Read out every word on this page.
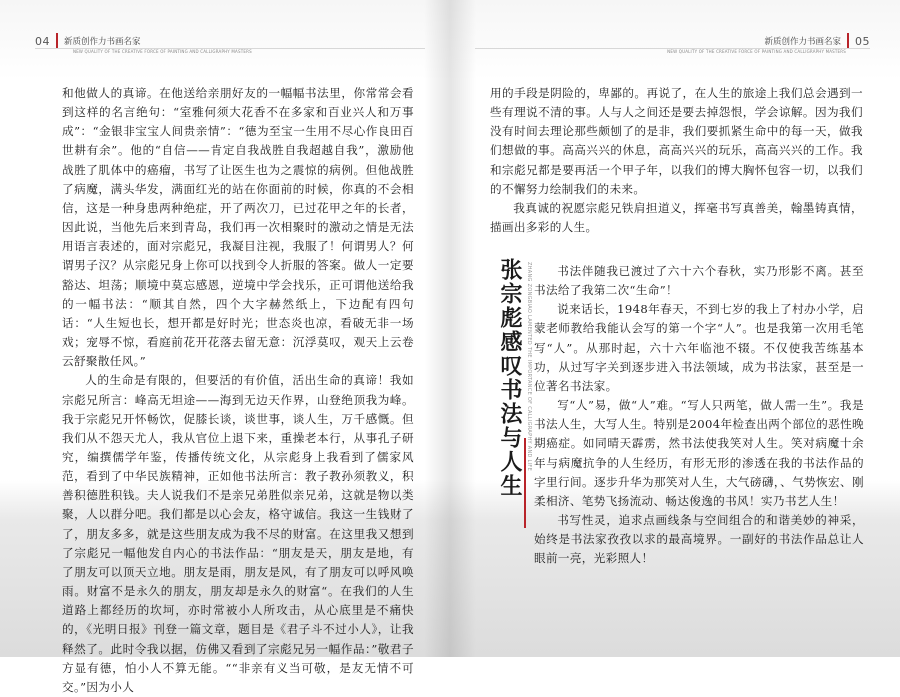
04 新质创作力书画名家
NEW QUALITY OF THE CREATIVE FORCE OF PAINTING AND CALLIGRAPHY MASTERS

和他做人的真谛。在他送给亲朋好友的一幅幅书法里，你常常会看到这样的名言绝句：“室雅何须大花香不在多家和百业兴人和万事成”：“金银非宝宝人间贵亲情”：“德为至宝一生用不尽心作良田百世耕有余”。他的“自信——肯定自我战胜自我超越自我”，激励他战胜了肌体中的癌瘤，书写了让医生也为之震惊的病例。但他战胜了病魔，满头华发，满面红光的站在你面前的时候，你真的不会相信，这是一种身患两种绝症，开了两次刀，已过花甲之年的长者，因此说，当他先后来到青岛，我们再一次相聚时的激动之情是无法用语言表述的，面对宗彪兄，我凝目注视，我服了！何谓男人？何谓男子汉？从宗彪兄身上你可以找到令人折服的答案。做人一定要豁达、坦荡；顺境中莫忘感恩，逆境中学会找乐，正可谓他送给我的一幅书法：“顺其自然，四个大字赫然纸上，下边配有四句话：“人生短也长，想开都是好时光；世态炎也凉，看破无非一场戏；宠辱不惊，看庭前花开花落去留无意：沉浮莫叹，观天上云卷云舒聚散任风。”

人的生命是有限的，但要活的有价值，活出生命的真谛！我如宗彪兄所言：峰高无坦途——海到无边天作界，山登绝顶我为峰。我于宗彪兄开怀畅饮，促膝长谈，谈世事，谈人生，万千感慨。但我们从不怨天尤人，我从官位上退下来，重操老本行，从事孔子研究，编撰儒学年鉴，传播传统文化，从宗彪身上我看到了儒家风范，看到了中华民族精神，正如他书法所言：教子教孙须教义，积善积德胜积钱。夫人说我们不是亲兄弟胜似亲兄弟，这就是物以类聚，人以群分吧。我们都是以心会友，格守诚信。我这一生钱财了了，朋友多多，就是这些朋友成为我不尽的财富。在这里我又想到了宗彪兄一幅他发自内心的书法作品：“朋友是天，朋友是地，有了朋友可以顶天立地。朋友是雨，朋友是风，有了朋友可以呼风唤雨。财富不是永久的朋友，朋友却是永久的财富“。在我们的人生道路上都经历的坎坷，亦时常被小人所攻击，从心底里是不痛快的，《光明日报》刊登一篇文章，题目是《君子斗不过小人》，让我释然了。此时令我以据，仿佛又看到了宗彪兄另一幅作品：”敬君子方显有德，怕小人不算无能。““非亲有义当可敬，是友无情不可交。”因为小人

新质创作力书画名家 05
NEW QUALITY OF THE CREATIVE FORCE OF PAINTING AND CALLIGRAPHY MASTERS

用的手段是阴险的，卑鄙的。再说了，在人生的旅途上我们总会遇到一些有理说不清的事。人与人之间还是要去掉怨恨，学会谅解。因为我们没有时间去理论那些颇刨了的是非，我们要抓紧生命中的每一天，做我们想做的事。高高兴兴的休息，高高兴兴的玩乐，高高兴兴的工作。我和宗彪兄都是要再活一个甲子年，以我们的博大胸怀包容一切，以我们的不懈努力绘制我们的未来。

我真诚的祝愿宗彪兄铁肩担道义，挥毫书写真善美，翰墨铸真情，描画出多彩的人生。

张宗彪感叹书法与人生 ZHANG ZONGBIAO LAMENTED THE IMPORTANCE OF CALLIGRAPHY AND LIFE	书法伴随我已渡过了六十六个春秋，实乃形影不离。甚至书法给了我第二次“生命”！

说来话长，1948年春天，不到七岁的我上了村办小学，启蒙老师教给我能认会写的第一个字“人”。也是我第一次用毛笔写“人”。从那时起，六十六年临池不辍。不仅使我苦练基本功，从过写字关到逐步进入书法领域，成为书法家，甚至是一位著名书法家。

写“人”易，做“人”难。“写人只两笔，做人需一生”。我是书法人生，大写人生。特别是2004年检查出两个部位的恶性晚期癌症。如同晴天霹雳，然书法使我笑对人生。笑对病魔十余年与病魔抗争的人生经历，有形无形的渗透在我的书法作品的字里行间。逐步升华为那笑对人生，大气磅礴，、气势恢宏、刚柔相济、笔势飞扬流动、畅达俊逸的书风！实乃书艺人生！

书写性灵，追求点画线条与空间组合的和谐美妙的神采，始终是书法家孜孜以求的最高境界。一副好的书法作品总让人眼前一亮，光彩照人！
